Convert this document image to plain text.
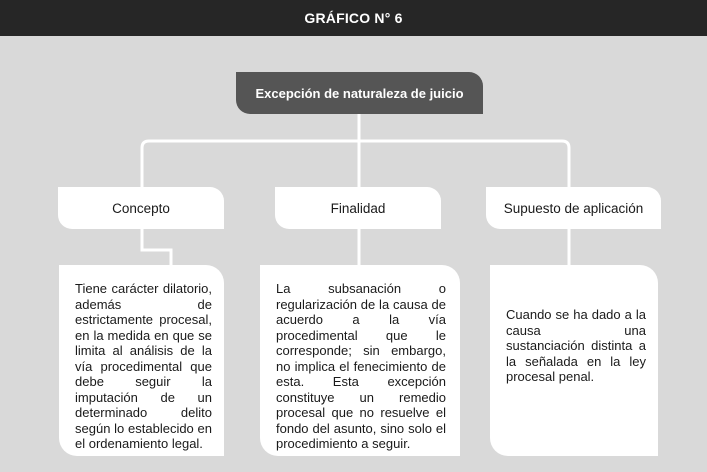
GRÁFICO N° 6
Excepción de naturaleza de juicio
Concepto	Finalidad	Supuesto de aplicación
Tiene carácter dilatorio, además de estrictamente procesal, en la medida en que se limita al análisis de la vía procedimental que debe seguir la imputación de un determinado delito según lo establecido en el ordenamiento legal.
La subsanación o regularización de la causa de acuerdo a la vía procedimental que le corresponde; sin embargo, no implica el fenecimiento de esta. Esta excepción constituye un remedio procesal que no resuelve el fondo del asunto, sino solo el procedimiento a seguir.
Cuando se ha dado a la causa una sustanciación distinta a la señalada en la ley procesal penal.
